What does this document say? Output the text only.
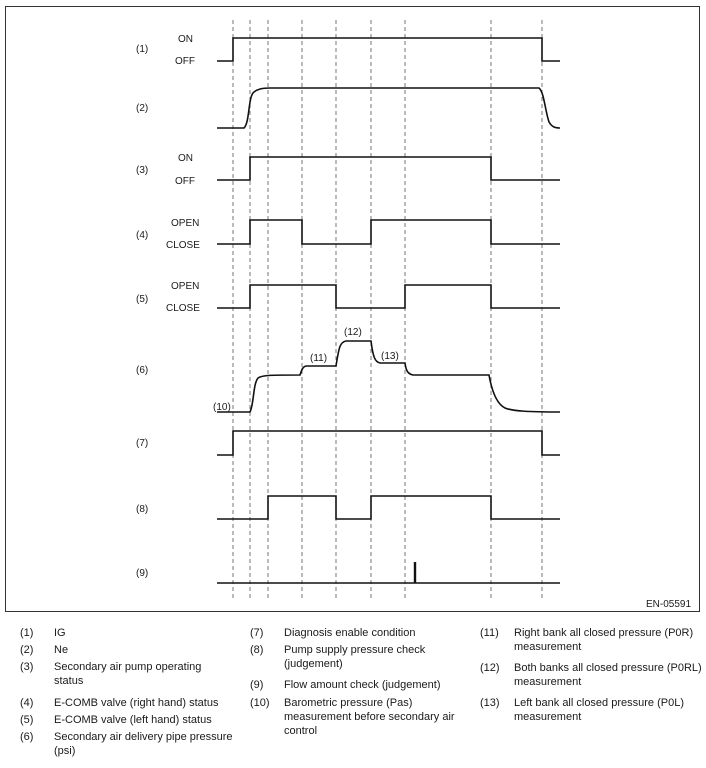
(1)
(2)
(3)
(4)
(5)
(6)
(7)
(8)
(9)
ON
OFF
ON
OFF
OPEN
CLOSE
OPEN
CLOSE
(10)
(11)
(12)
(13)
EN-05591
(1)	IG
(2)	Ne
(3)	Secondary air pump operating status
(4)	E-COMB valve (right hand) status
(5)	E-COMB valve (left hand) status
(6)	Secondary air delivery pipe pressure (psi)
(7)	Diagnosis enable condition
(8)	Pump supply pressure check (judgement)
(9)	Flow amount check (judgement)
(10)	Barometric pressure (Pas) measurement before secondary air control
(11)	Right bank all closed pressure (P0R) measurement
(12)	Both banks all closed pressure (P0RL) measurement
(13)	Left bank all closed pressure (P0L) measurement
